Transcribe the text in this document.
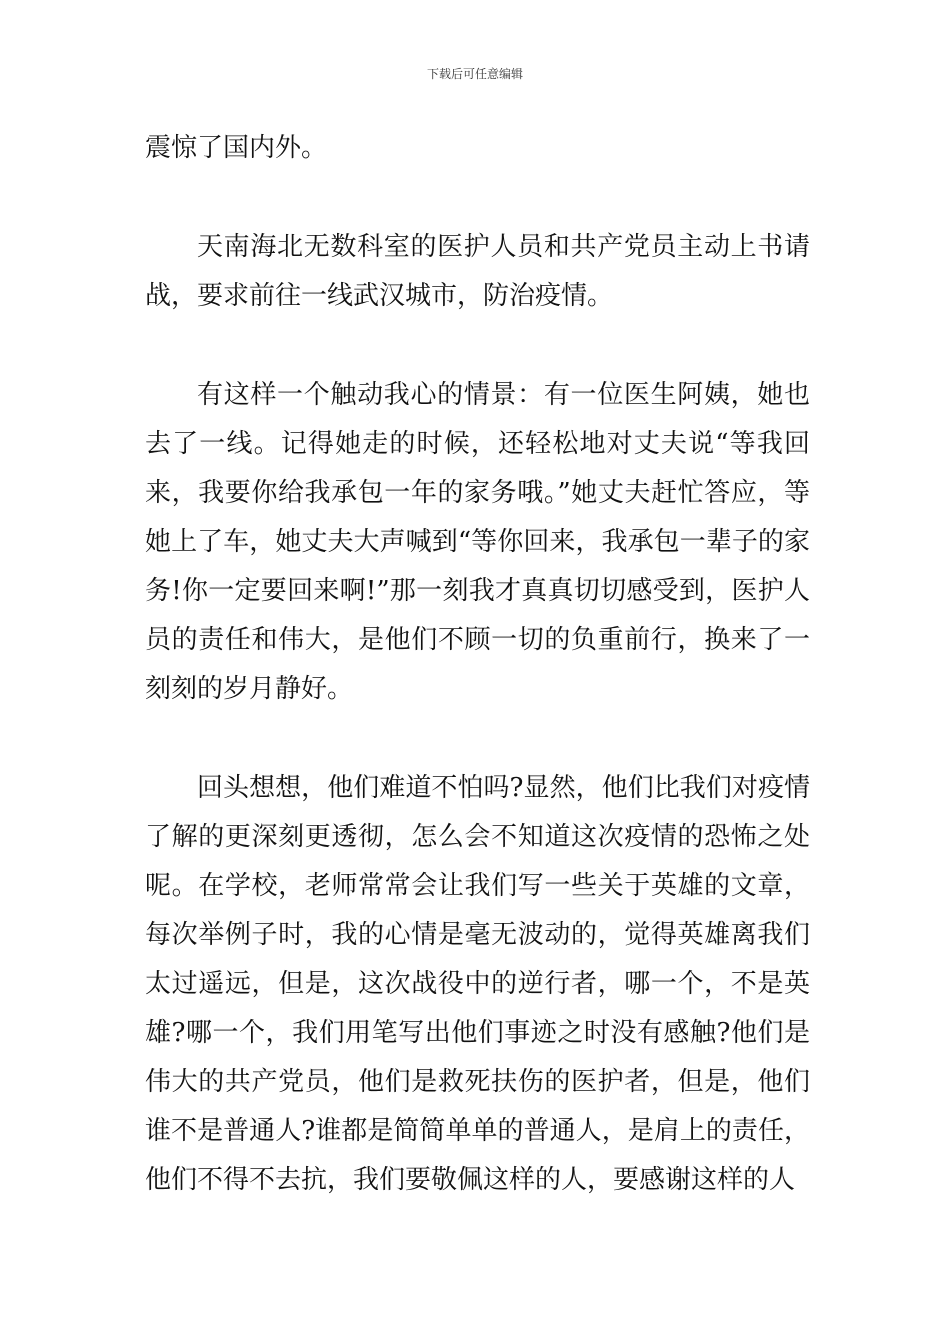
下载后可任意编辑

震惊了国内外。

天南海北无数科室的医护人员和共产党员主动上书请战，要求前往一线武汉城市，防治疫情。

有这样一个触动我心的情景：有一位医生阿姨，她也去了一线。记得她走的时候，还轻松地对丈夫说“等我回来，我要你给我承包一年的家务哦。”她丈夫赶忙答应，等她上了车，她丈夫大声喊到“等你回来，我承包一辈子的家务!你一定要回来啊!”那一刻我才真真切切感受到，医护人员的责任和伟大，是他们不顾一切的负重前行，换来了一刻刻的岁月静好。

回头想想，他们难道不怕吗?显然，他们比我们对疫情了解的更深刻更透彻，怎么会不知道这次疫情的恐怖之处呢。在学校，老师常常会让我们写一些关于英雄的文章，每次举例子时，我的心情是毫无波动的，觉得英雄离我们太过遥远，但是，这次战役中的逆行者，哪一个，不是英雄?哪一个，我们用笔写出他们事迹之时没有感触?他们是伟大的共产党员，他们是救死扶伤的医护者，但是，他们谁不是普通人?谁都是简简单单的普通人，是肩上的责任，他们不得不去抗，我们要敬佩这样的人，要感谢这样的人
